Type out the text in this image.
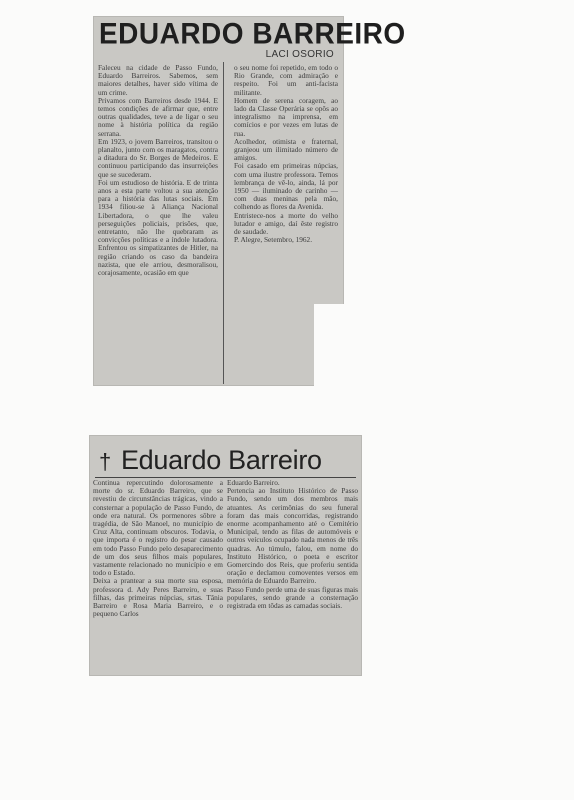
EDUARDO BARREIRO
LACI OSORIO
Faleceu na cidade de Passo Fundo, Eduardo Barreiros. Sabemos, sem maiores detalhes, haver sido vítima de um crime.
Privamos com Barreiros desde 1944. E temos condições de afirmar que, entre outras qualidades, teve a de ligar o seu nome à história política da região serrana.
Em 1923, o jovem Barreiros, transitou o planalto, junto com os maragatos, contra a ditadura do Sr. Borges de Medeiros. E continuou participando das insurreições que se sucederam.
Foi um estudioso de história. E de trinta anos a esta parte voltou a sua atenção para a história das lutas sociais. Em 1934 filiou-se à Aliança Nacional Libertadora, o que lhe valeu perseguições policiais, prisões, que, entretanto, não lhe quebraram as convicções políticas e a índole lutadora. Enfrentou os simpatizantes de Hitler, na região criando os caso da bandeira nazista, que ele arriou, desmoralisou, corajosamente, ocasião em que
o seu nome foi repetido, em todo o Rio Grande, com admiração e respeito. Foi um anti-facista militante.
Homem de serena coragem, ao lado da Classe Operária se opôs ao integralismo na imprensa, em comícios e por vezes em lutas de rua.
Acolhedor, otimista e fraternal, granjeou um ilimitado número de amigos.
Foi casado em primeiras núpcias, com uma ilustre professora. Temos lembrança de vê-lo, ainda, lá por 1950 — iluminado de carinho — com duas meninas pela mão, colhendo as flores da Avenida.
Entristece-nos a morte do velho lutador e amigo, daí êste registro de saudade.
P. Alegre, Setembro, 1962.
† Eduardo Barreiro
Continua repercutindo dolorosamente a morte do sr. Eduardo Barreiro, que se revestiu de circunstâncias trágicas, vindo a consternar a população de Passo Fundo, de onde era natural. Os pormenores sôbre a tragédia, de São Manoel, no município de Cruz Alta, continuam obscuros. Todavia, o que importa é o registro do pesar causado em todo Passo Fundo pelo desaparecimento de um dos seus filhos mais populares, vastamente relacionado no município e em todo o Estado.
Deixa a prantear a sua morte sua esposa, professora d. Ady Peres Barreiro, e suas filhas, das primeiras núpcias, srtas. Tânia Barreiro e Rosa Maria Barreiro, e o pequeno Carlos
Eduardo Barreiro.
Pertencia ao Instituto Histórico de Passo Fundo, sendo um dos membros mais atuantes. As cerimônias do seu funeral foram das mais concorridas, registrando enorme acompanhamento até o Cemitério Municipal, tendo as filas de automóveis e outros veículos ocupado nada menos de três quadras. Ao túmulo, falou, em nome do Instituto Histórico, o poeta e escritor Gomercindo dos Reis, que proferiu sentida oração e declamou comoventes versos em memória de Eduardo Barreiro.
Passo Fundo perde uma de suas figuras mais populares, sendo grande a consternação registrada em tôdas as camadas sociais.
